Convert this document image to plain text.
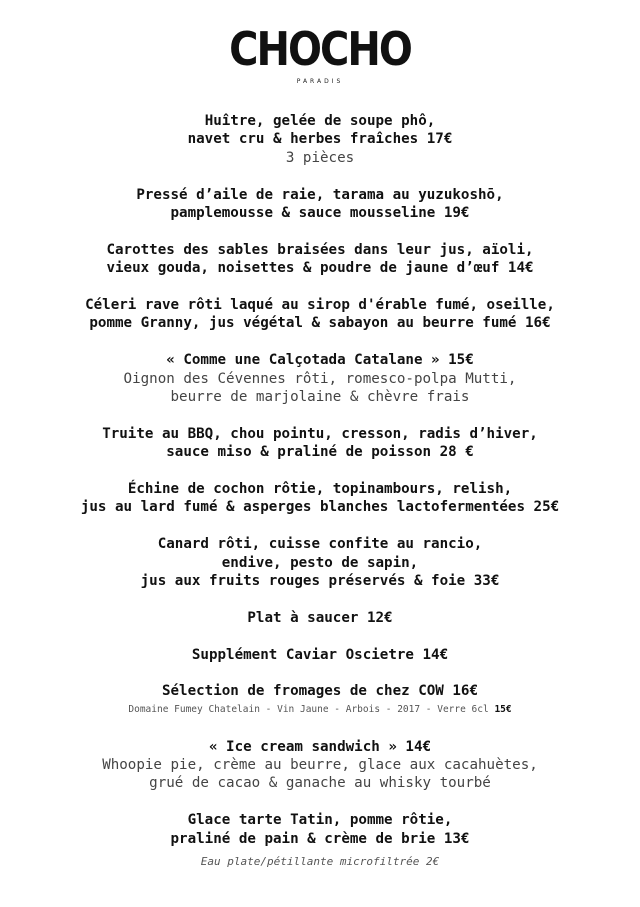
CHOCHO
PARADIS
Huître, gelée de soupe phô,
navet cru & herbes fraîches 17€
3 pièces
Pressé d’aile de raie, tarama au yuzukoshō,
pamplemousse & sauce mousseline 19€
Carottes des sables braisées dans leur jus, aïoli,
vieux gouda, noisettes & poudre de jaune d’œuf 14€
Céleri rave rôti laqué au sirop d'érable fumé, oseille,
pomme Granny, jus végétal & sabayon au beurre fumé 16€
« Comme une Calçotada Catalane » 15€
Oignon des Cévennes rôti, romesco-polpa Mutti,
beurre de marjolaine & chèvre frais
Truite au BBQ, chou pointu, cresson, radis d’hiver,
sauce miso & praliné de poisson 28 €
Échine de cochon rôtie, topinambours, relish,
jus au lard fumé & asperges blanches lactofermentées 25€
Canard rôti, cuisse confite au rancio,
endive, pesto de sapin,
jus aux fruits rouges préservés & foie 33€
Plat à saucer 12€
Supplément Caviar Oscietre 14€
Sélection de fromages de chez COW 16€
Domaine Fumey Chatelain - Vin Jaune - Arbois - 2017 - Verre 6cl 15€
« Ice cream sandwich » 14€
Whoopie pie, crème au beurre, glace aux cacahuètes,
grué de cacao & ganache au whisky tourbé
Glace tarte Tatin, pomme rôtie,
praliné de pain & crème de brie 13€
Eau plate/pétillante microfiltrée 2€
